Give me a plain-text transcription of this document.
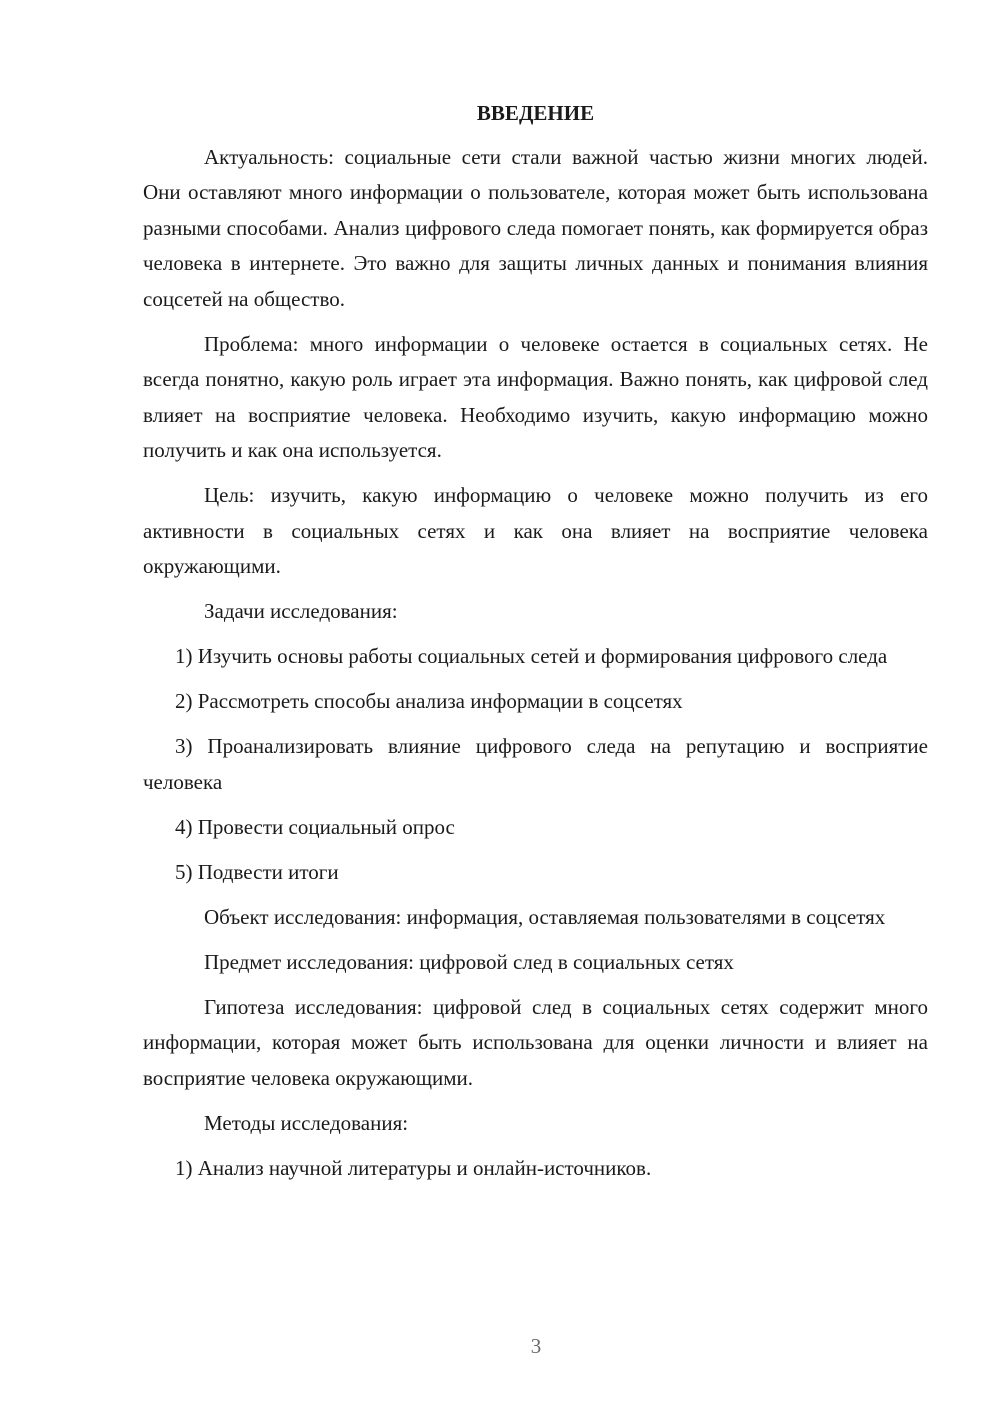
ВВЕДЕНИЕ

Актуальность: социальные сети стали важной частью жизни многих людей. Они оставляют много информации о пользователе, которая может быть использована разными способами. Анализ цифрового следа помогает понять, как формируется образ человека в интернете. Это важно для защиты личных данных и понимания влияния соцсетей на общество.

Проблема: много информации о человеке остается в социальных сетях. Не всегда понятно, какую роль играет эта информация. Важно понять, как цифровой след влияет на восприятие человека. Необходимо изучить, какую информацию можно получить и как она используется.

Цель: изучить, какую информацию о человеке можно получить из его активности в социальных сетях и как она влияет на восприятие человека окружающими.

Задачи исследования:

1) Изучить основы работы социальных сетей и формирования цифрового следа

2) Рассмотреть способы анализа информации в соцсетях

3) Проанализировать влияние цифрового следа на репутацию и восприятие человека

4) Провести социальный опрос

5) Подвести итоги

Объект исследования: информация, оставляемая пользователями в соцсетях

Предмет исследования: цифровой след в социальных сетях

Гипотеза исследования: цифровой след в социальных сетях содержит много информации, которая может быть использована для оценки личности и влияет на восприятие человека окружающими.

Методы исследования:

1) Анализ научной литературы и онлайн-источников.

3
